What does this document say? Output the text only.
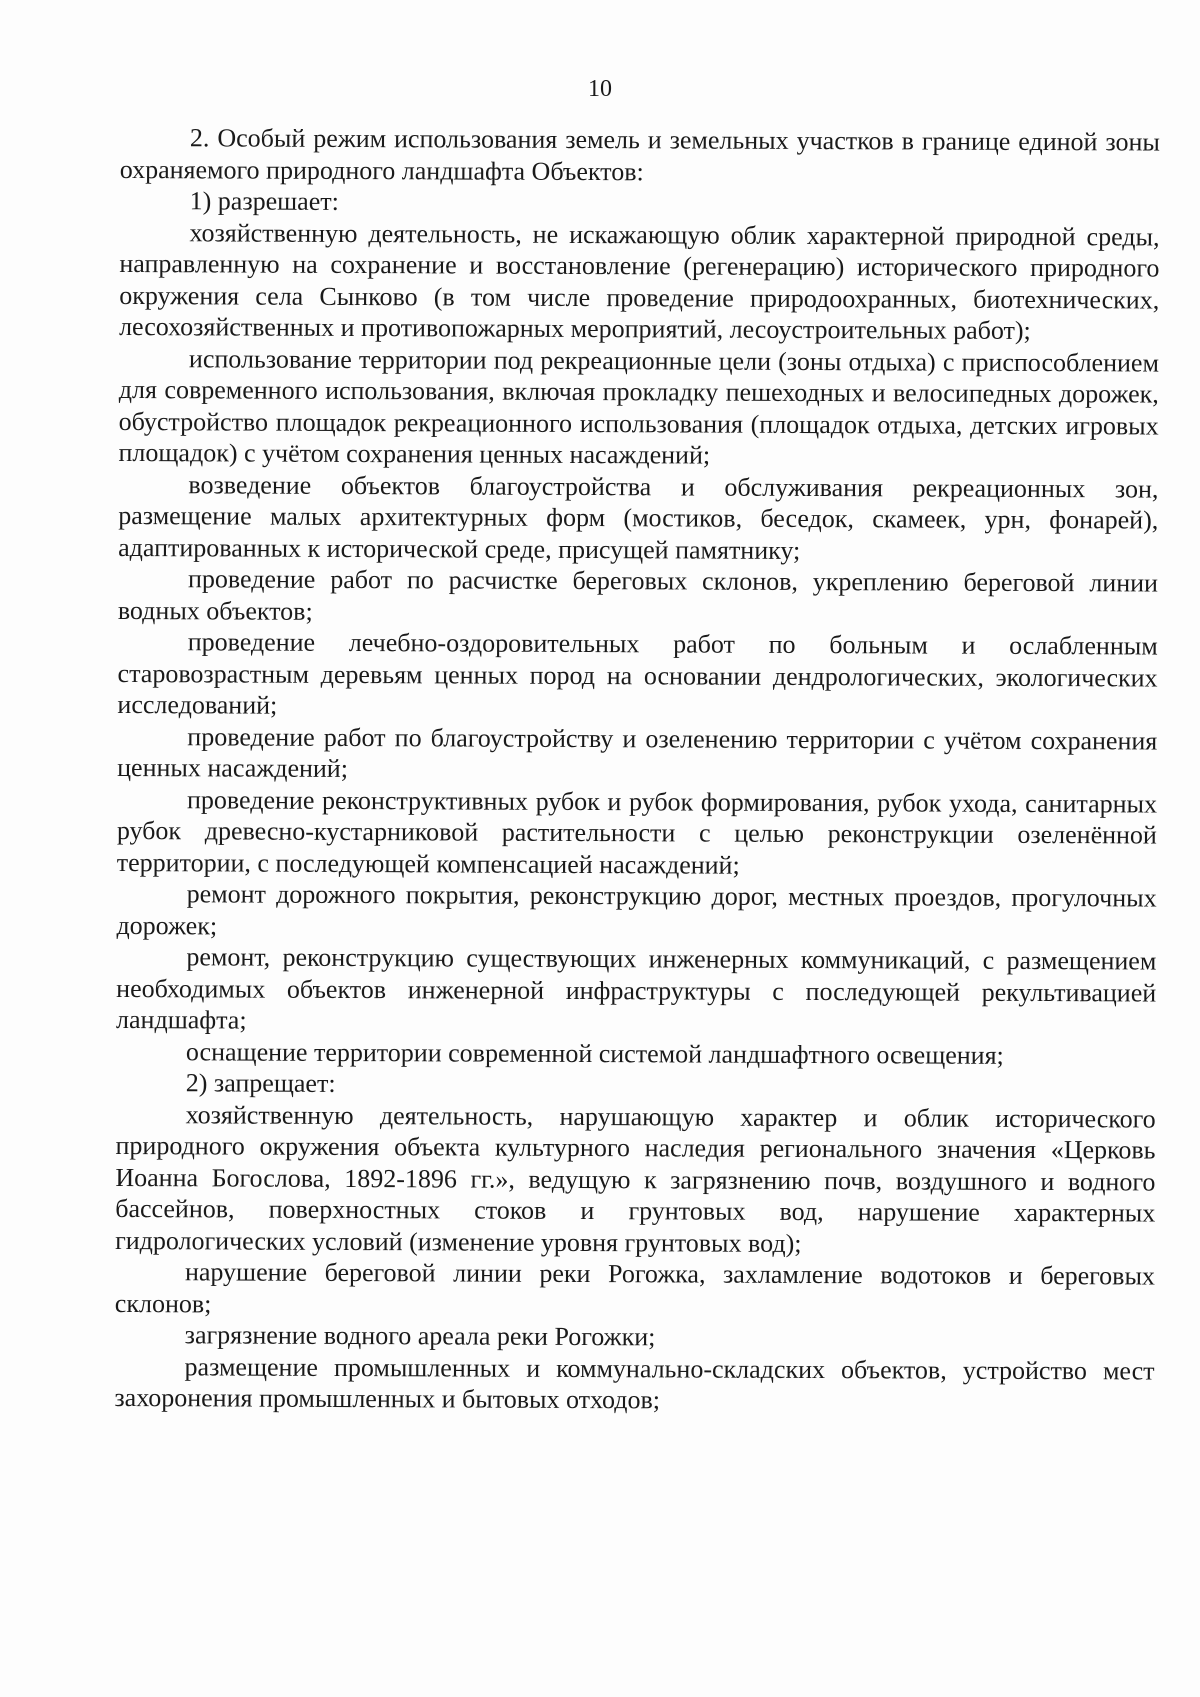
10

2. Особый режим использования земель и земельных участков в границе единой зоны охраняемого природного ландшафта Объектов:

1) разрешает:

хозяйственную деятельность, не искажающую облик характерной природной среды, направленную на сохранение и восстановление (регенерацию) исторического природного окружения села Сынково (в том числе проведение природоохранных, биотехнических, лесохозяйственных и противопожарных мероприятий, лесоустроительных работ);

использование территории под рекреационные цели (зоны отдыха) с приспособлением для современного использования, включая прокладку пешеходных и велосипедных дорожек, обустройство площадок рекреационного использования (площадок отдыха, детских игровых площадок) с учётом сохранения ценных насаждений;

возведение объектов благоустройства и обслуживания рекреационных зон, размещение малых архитектурных форм (мостиков, беседок, скамеек, урн, фонарей), адаптированных к исторической среде, присущей памятнику;

проведение работ по расчистке береговых склонов, укреплению береговой линии водных объектов;

проведение лечебно-оздоровительных работ по больным и ослабленным старовозрастным деревьям ценных пород на основании дендрологических, экологических исследований;

проведение работ по благоустройству и озеленению территории с учётом сохранения ценных насаждений;

проведение реконструктивных рубок и рубок формирования, рубок ухода, санитарных рубок древесно-кустарниковой растительности с целью реконструкции озеленённой территории, с последующей компенсацией насаждений;

ремонт дорожного покрытия, реконструкцию дорог, местных проездов, прогулочных дорожек;

ремонт, реконструкцию существующих инженерных коммуникаций, с размещением необходимых объектов инженерной инфраструктуры с последующей рекультивацией ландшафта;

оснащение территории современной системой ландшафтного освещения;

2) запрещает:

хозяйственную деятельность, нарушающую характер и облик исторического природного окружения объекта культурного наследия регионального значения «Церковь Иоанна Богослова, 1892-1896 гг.», ведущую к загрязнению почв, воздушного и водного бассейнов, поверхностных стоков и грунтовых вод, нарушение характерных гидрологических условий (изменение уровня грунтовых вод);

нарушение береговой линии реки Рогожка, захламление водотоков и береговых склонов;

загрязнение водного ареала реки Рогожки;

размещение промышленных и коммунально-складских объектов, устройство мест захоронения промышленных и бытовых отходов;
